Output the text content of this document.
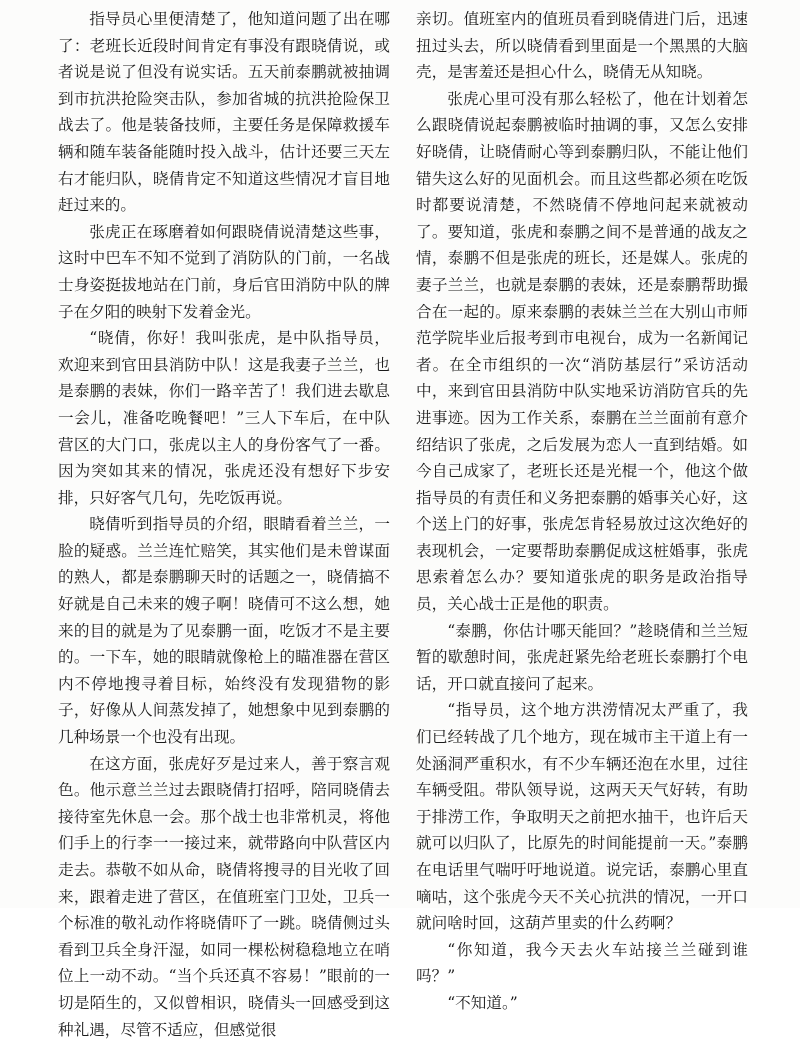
指导员心里便清楚了，他知道问题了出在哪了：老班长近段时间肯定有事没有跟晓倩说，或者说是说了但没有说实话。五天前泰鹏就被抽调到市抗洪抢险突击队，参加省城的抗洪抢险保卫战去了。他是装备技师，主要任务是保障救援车辆和随车装备能随时投入战斗，估计还要三天左右才能归队，晓倩肯定不知道这些情况才盲目地赶过来的。

张虎正在琢磨着如何跟晓倩说清楚这些事，这时中巴车不知不觉到了消防队的门前，一名战士身姿挺拔地站在门前，身后官田消防中队的牌子在夕阳的映射下发着金光。

“晓倩，你好！我叫张虎，是中队指导员，欢迎来到官田县消防中队！这是我妻子兰兰，也是泰鹏的表妹，你们一路辛苦了！我们进去歇息一会儿，准备吃晚餐吧！”三人下车后，在中队营区的大门口，张虎以主人的身份客气了一番。因为突如其来的情况，张虎还没有想好下步安排，只好客气几句，先吃饭再说。

晓倩听到指导员的介绍，眼睛看着兰兰，一脸的疑惑。兰兰连忙赔笑，其实他们是未曾谋面的熟人，都是泰鹏聊天时的话题之一，晓倩搞不好就是自己未来的嫂子啊！晓倩可不这么想，她来的目的就是为了见泰鹏一面，吃饭才不是主要的。一下车，她的眼睛就像枪上的瞄准器在营区内不停地搜寻着目标，始终没有发现猎物的影子，好像从人间蒸发掉了，她想象中见到泰鹏的几种场景一个也没有出现。

在这方面，张虎好歹是过来人，善于察言观色。他示意兰兰过去跟晓倩打招呼，陪同晓倩去接待室先休息一会。那个战士也非常机灵，将他们手上的行李一一接过来，就带路向中队营区内走去。恭敬不如从命，晓倩将搜寻的目光收了回来，跟着走进了营区，在值班室门卫处，卫兵一个标准的敬礼动作将晓倩吓了一跳。晓倩侧过头看到卫兵全身汗湿，如同一棵松树稳稳地立在哨位上一动不动。“当个兵还真不容易！”眼前的一切是陌生的，又似曾相识，晓倩头一回感受到这种礼遇，尽管不适应，但感觉很

亲切。值班室内的值班员看到晓倩进门后，迅速扭过头去，所以晓倩看到里面是一个黑黑的大脑壳，是害羞还是担心什么，晓倩无从知晓。

张虎心里可没有那么轻松了，他在计划着怎么跟晓倩说起泰鹏被临时抽调的事，又怎么安排好晓倩，让晓倩耐心等到泰鹏归队，不能让他们错失这么好的见面机会。而且这些都必须在吃饭时都要说清楚，不然晓倩不停地问起来就被动了。要知道，张虎和泰鹏之间不是普通的战友之情，泰鹏不但是张虎的班长，还是媒人。张虎的妻子兰兰，也就是泰鹏的表妹，还是泰鹏帮助撮合在一起的。原来泰鹏的表妹兰兰在大别山市师范学院毕业后报考到市电视台，成为一名新闻记者。在全市组织的一次“消防基层行”采访活动中，来到官田县消防中队实地采访消防官兵的先进事迹。因为工作关系，泰鹏在兰兰面前有意介绍结识了张虎，之后发展为恋人一直到结婚。如今自己成家了，老班长还是光棍一个，他这个做指导员的有责任和义务把泰鹏的婚事关心好，这个送上门的好事，张虎怎肯轻易放过这次绝好的表现机会，一定要帮助泰鹏促成这桩婚事，张虎思索着怎么办？要知道张虎的职务是政治指导员，关心战士正是他的职责。

“泰鹏，你估计哪天能回？”趁晓倩和兰兰短暂的歇憩时间，张虎赶紧先给老班长泰鹏打个电话，开口就直接问了起来。

“指导员，这个地方洪涝情况太严重了，我们已经转战了几个地方，现在城市主干道上有一处涵洞严重积水，有不少车辆还泡在水里，过往车辆受阻。带队领导说，这两天天气好转，有助于排涝工作，争取明天之前把水抽干，也许后天就可以归队了，比原先的时间能提前一天。”泰鹏在电话里气喘吁吁地说道。说完话，泰鹏心里直嘀咕，这个张虎今天不关心抗洪的情况，一开口就问啥时回，这葫芦里卖的什么药啊？

“你知道，我今天去火车站接兰兰碰到谁吗？”

“不知道。”
